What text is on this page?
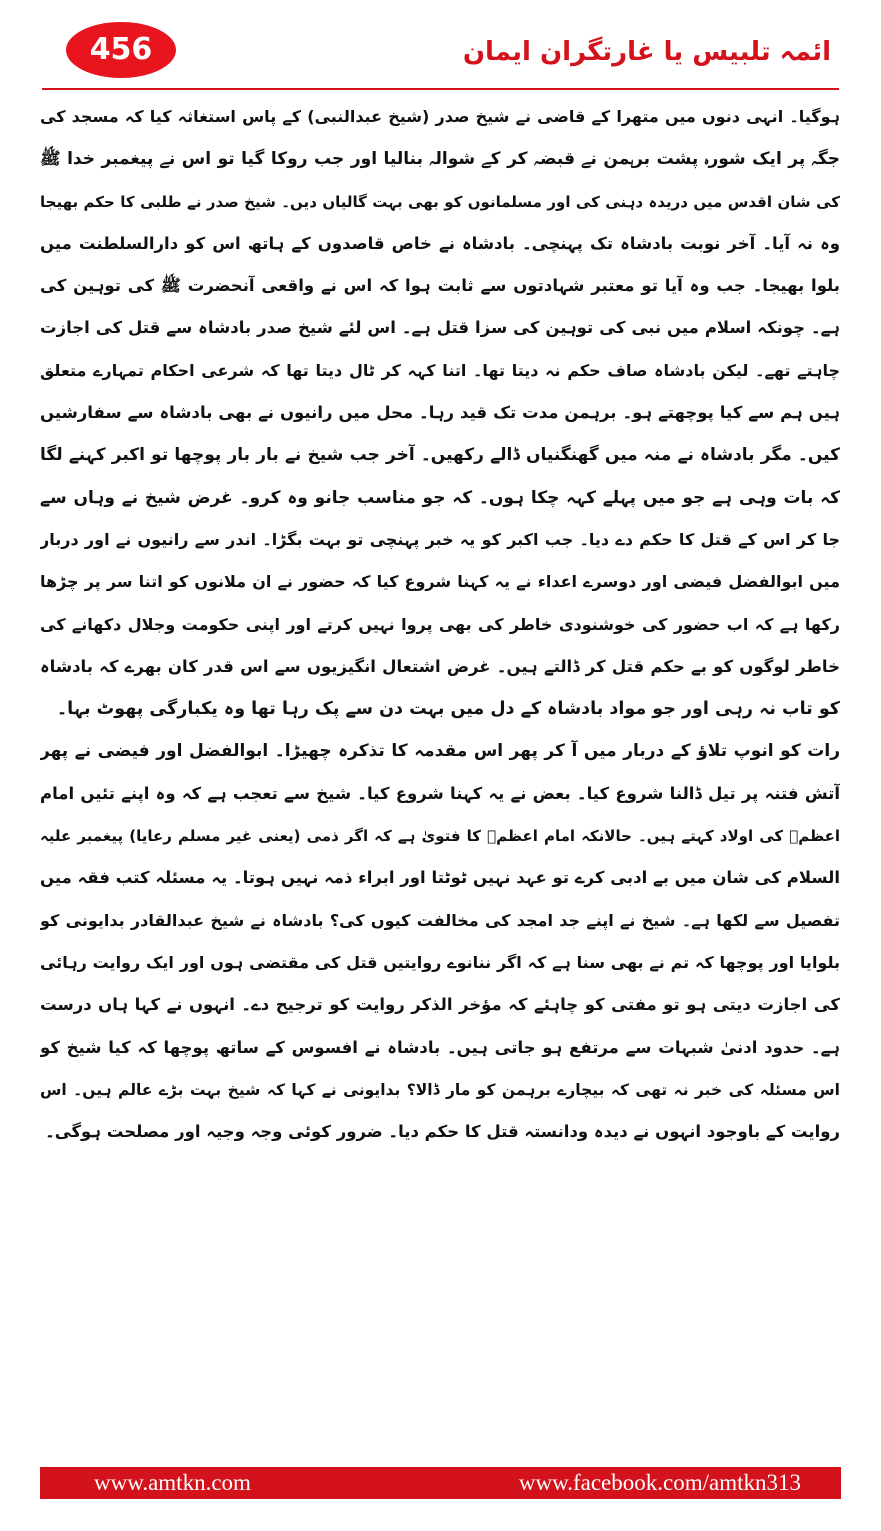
456	ائمہ تلبیس یا غارتگران ایمان
ہوگیا۔ انہی دنوں میں متھرا کے قاضی نے شیخ صدر (شیخ عبدالنبی) کے پاس استغاثہ کیا کہ مسجد کی
جگہ پر ایک شورہ پشت برہمن نے قبضہ کر کے شوالہ بنالیا اور جب روکا گیا تو اس نے پیغمبر خدا ﷺ
کی شان اقدس میں دریدہ دہنی کی اور مسلمانوں کو بھی بہت گالیاں دیں۔ شیخ صدر نے طلبی کا حکم بھیجا
وہ نہ آیا۔ آخر نوبت بادشاہ تک پہنچی۔ بادشاہ نے خاص قاصدوں کے ہاتھ اس کو دارالسلطنت میں
بلوا بھیجا۔ جب وہ آیا تو معتبر شہادتوں سے ثابت ہوا کہ اس نے واقعی آنحضرت ﷺ کی توہین کی
ہے۔ چونکہ اسلام میں نبی کی توہین کی سزا قتل ہے۔ اس لئے شیخ صدر بادشاہ سے قتل کی اجازت
چاہتے تھے۔ لیکن بادشاہ صاف حکم نہ دیتا تھا۔ اتنا کہہ کر ٹال دیتا تھا کہ شرعی احکام تمہارے متعلق
ہیں ہم سے کیا پوچھتے ہو۔ برہمن مدت تک قید رہا۔ محل میں رانیوں نے بھی بادشاہ سے سفارشیں
کیں۔ مگر بادشاہ نے منہ میں گھنگنیاں ڈالے رکھیں۔ آخر جب شیخ نے بار بار پوچھا تو اکبر کہنے لگا
کہ بات وہی ہے جو میں پہلے کہہ چکا ہوں۔ کہ جو مناسب جانو وہ کرو۔ غرض شیخ نے وہاں سے
جا کر اس کے قتل کا حکم دے دیا۔ جب اکبر کو یہ خبر پہنچی تو بہت بگڑا۔ اندر سے رانیوں نے اور دربار
میں ابوالفضل فیضی اور دوسرے اعداء نے یہ کہنا شروع کیا کہ حضور نے ان ملانوں کو اتنا سر پر چڑھا
رکھا ہے کہ اب حضور کی خوشنودی خاطر کی بھی پروا نہیں کرتے اور اپنی حکومت وجلال دکھانے کی
خاطر لوگوں کو بے حکم قتل کر ڈالتے ہیں۔ غرض اشتعال انگیزیوں سے اس قدر کان بھرے کہ بادشاہ
کو تاب نہ رہی اور جو مواد بادشاہ کے دل میں بہت دن سے پک رہا تھا وہ یکبارگی پھوٹ بہا۔
رات کو انوپ تلاؤ کے دربار میں آ کر پھر اس مقدمہ کا تذکرہ چھیڑا۔ ابوالفضل اور فیضی نے پھر
آتش فتنہ پر تیل ڈالنا شروع کیا۔ بعض نے یہ کہنا شروع کیا۔ شیخ سے تعجب ہے کہ وہ اپنے تئیں امام
اعظمؒ کی اولاد کہتے ہیں۔ حالانکہ امام اعظمؒ کا فتویٰ ہے کہ اگر ذمی (یعنی غیر مسلم رعایا) پیغمبر علیہ
السلام کی شان میں بے ادبی کرے تو عہد نہیں ٹوٹتا اور ابراء ذمہ نہیں ہوتا۔ یہ مسئلہ کتب فقہ میں
تفصیل سے لکھا ہے۔ شیخ نے اپنے جد امجد کی مخالفت کیوں کی؟ بادشاہ نے شیخ عبدالقادر بدایونی کو
بلوایا اور پوچھا کہ تم نے بھی سنا ہے کہ اگر ننانوے روایتیں قتل کی مقتضی ہوں اور ایک روایت رہائی
کی اجازت دیتی ہو تو مفتی کو چاہئے کہ مؤخر الذکر روایت کو ترجیح دے۔ انہوں نے کہا ہاں درست
ہے۔ حدود ادنیٰ شبہات سے مرتفع ہو جاتی ہیں۔ بادشاہ نے افسوس کے ساتھ پوچھا کہ کیا شیخ کو
اس مسئلہ کی خبر نہ تھی کہ بیچارے برہمن کو مار ڈالا؟ بدایونی نے کہا کہ شیخ بہت بڑے عالم ہیں۔ اس
روایت کے باوجود انہوں نے دیدہ ودانستہ قتل کا حکم دیا۔ ضرور کوئی وجہ وجیہ اور مصلحت ہوگی۔
www.amtkn.com	www.facebook.com/amtkn313
